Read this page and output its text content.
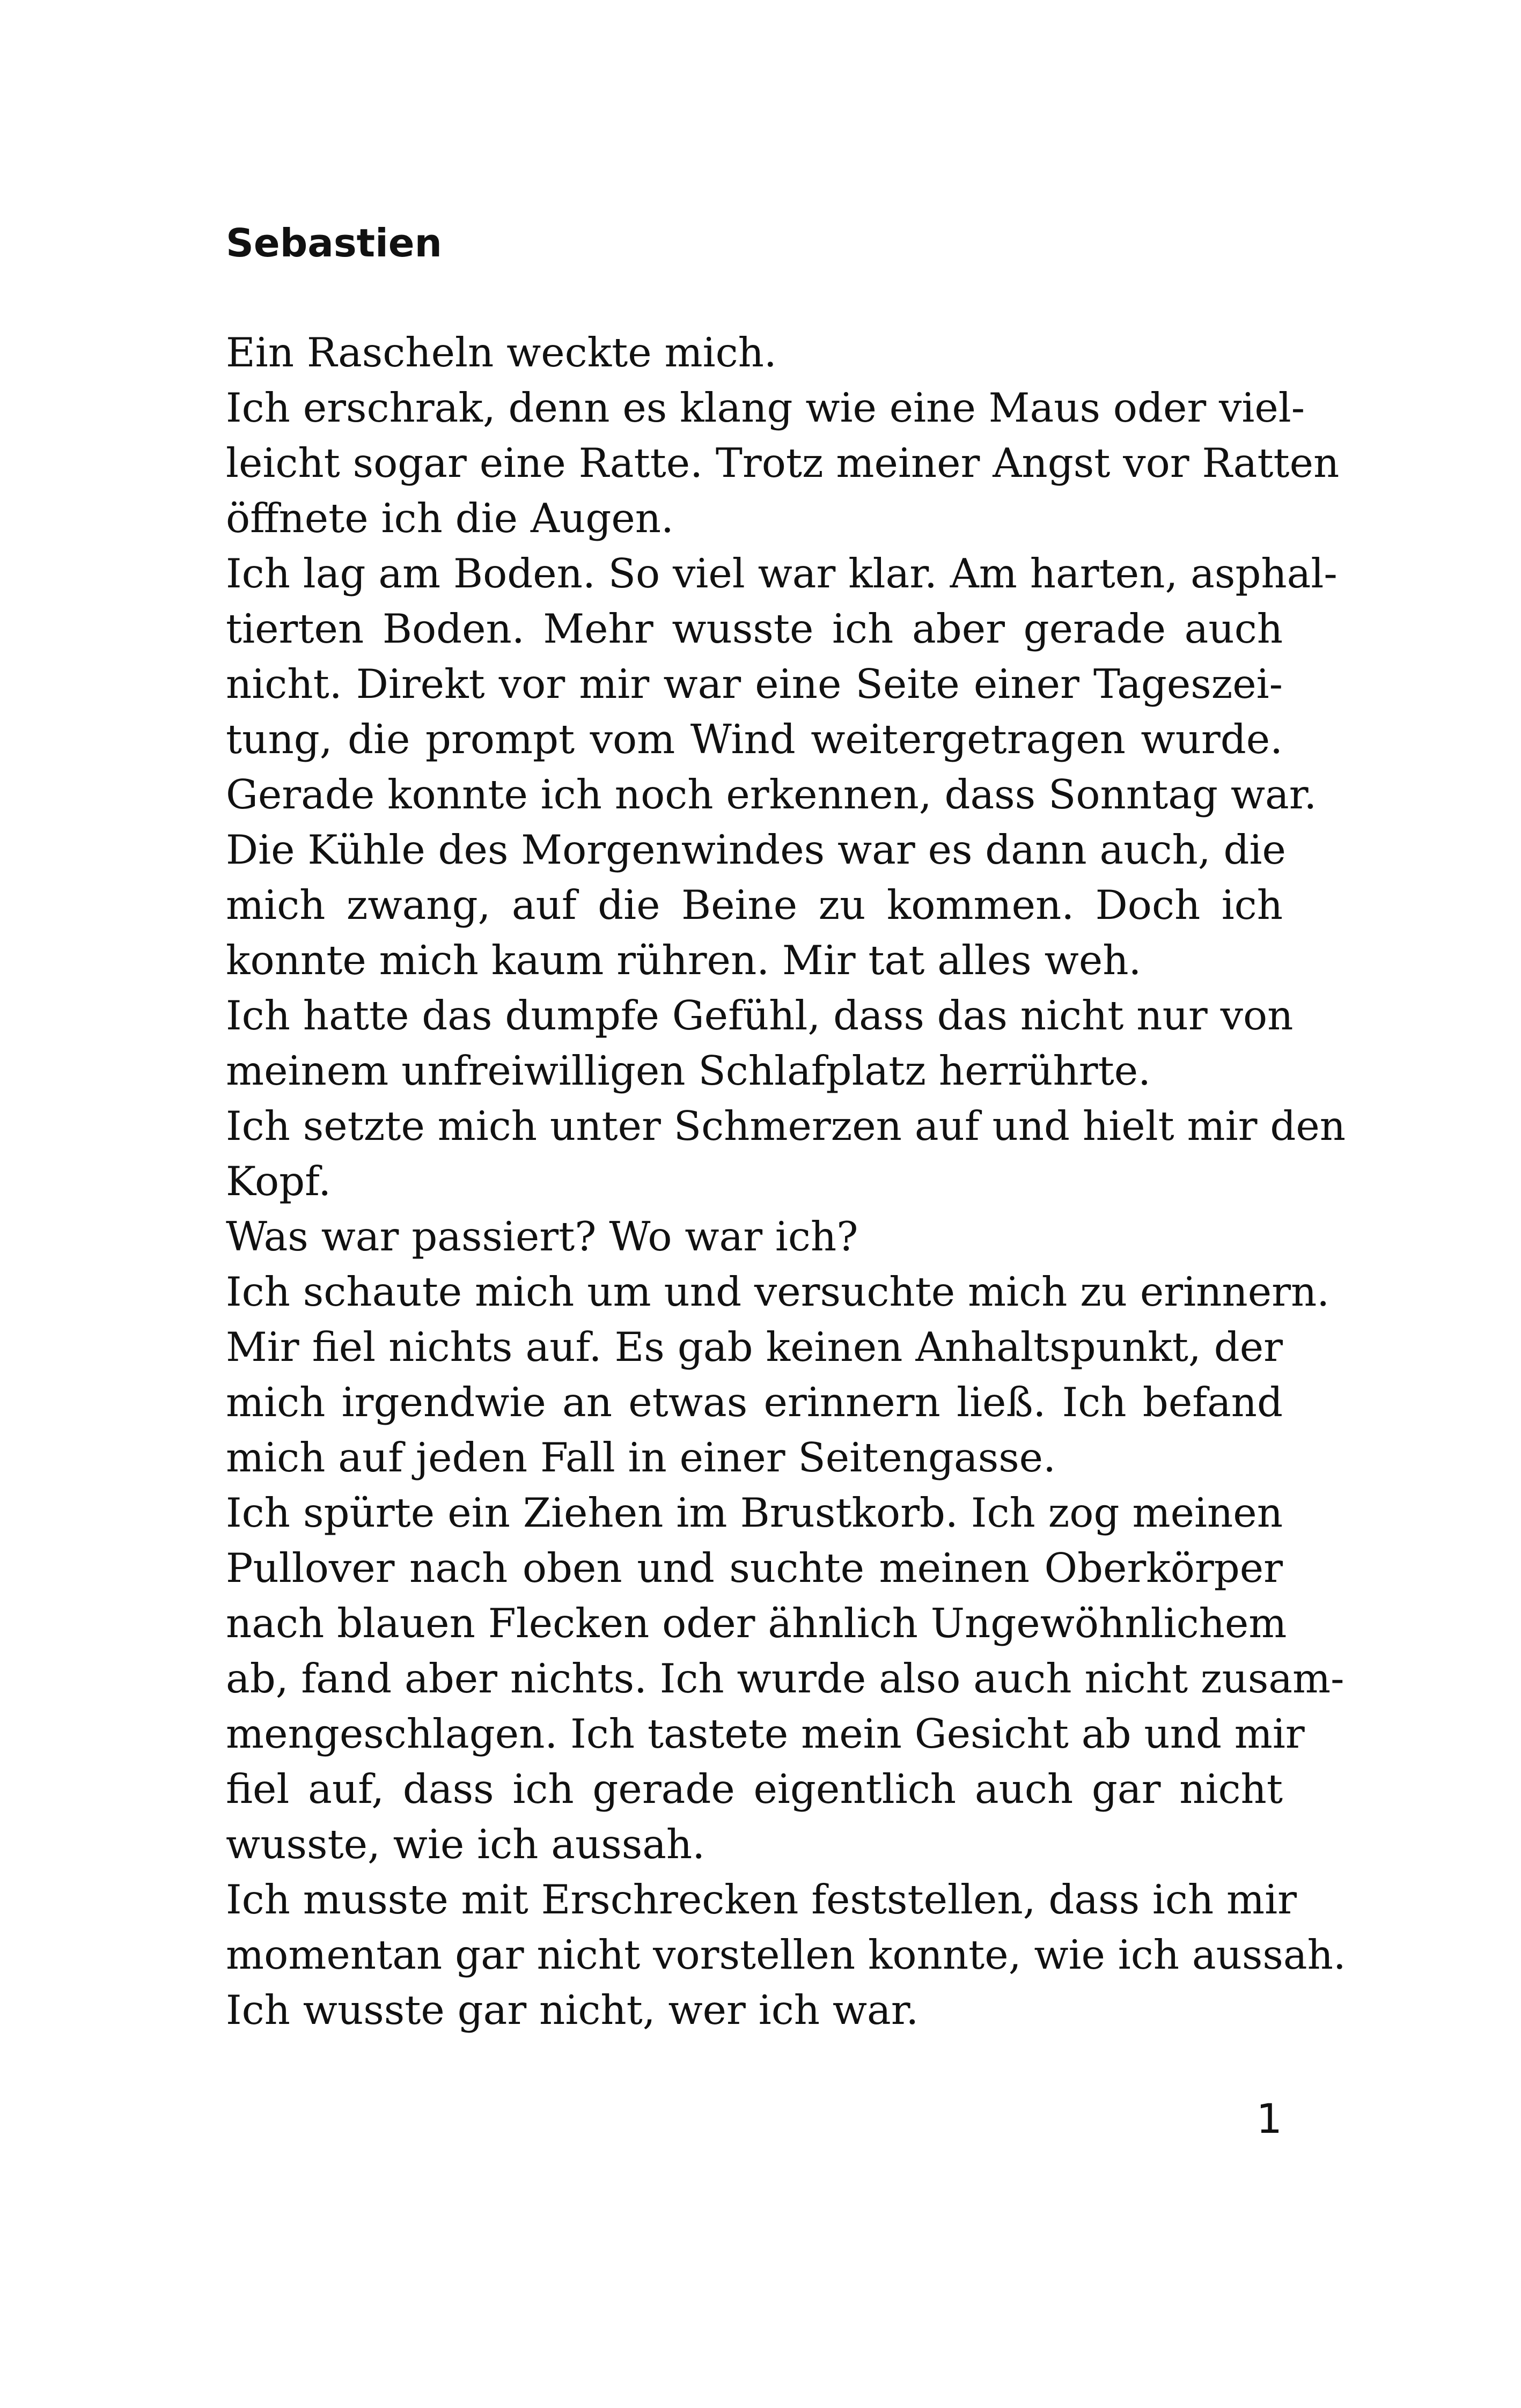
Sebastien
Ein Rascheln weckte mich.
Ich erschrak, denn es klang wie eine Maus oder viel-
leicht sogar eine Ratte. Trotz meiner Angst vor Ratten
öffnete ich die Augen.
Ich lag am Boden. So viel war klar. Am harten, asphal-
tierten Boden. Mehr wusste ich aber gerade auch
nicht. Direkt vor mir war eine Seite einer Tageszei-
tung, die prompt vom Wind weitergetragen wurde.
Gerade konnte ich noch erkennen, dass Sonntag war.
Die Kühle des Morgenwindes war es dann auch, die
mich zwang, auf die Beine zu kommen. Doch ich
konnte mich kaum rühren. Mir tat alles weh.
Ich hatte das dumpfe Gefühl, dass das nicht nur von
meinem unfreiwilligen Schlafplatz herrührte.
Ich setzte mich unter Schmerzen auf und hielt mir den
Kopf.
Was war passiert? Wo war ich?
Ich schaute mich um und versuchte mich zu erinnern.
Mir fiel nichts auf. Es gab keinen Anhaltspunkt, der
mich irgendwie an etwas erinnern ließ. Ich befand
mich auf jeden Fall in einer Seitengasse.
Ich spürte ein Ziehen im Brustkorb. Ich zog meinen
Pullover nach oben und suchte meinen Oberkörper
nach blauen Flecken oder ähnlich Ungewöhnlichem
ab, fand aber nichts. Ich wurde also auch nicht zusam-
mengeschlagen. Ich tastete mein Gesicht ab und mir
fiel auf, dass ich gerade eigentlich auch gar nicht
wusste, wie ich aussah.
Ich musste mit Erschrecken feststellen, dass ich mir
momentan gar nicht vorstellen konnte, wie ich aussah.
Ich wusste gar nicht, wer ich war.
1
